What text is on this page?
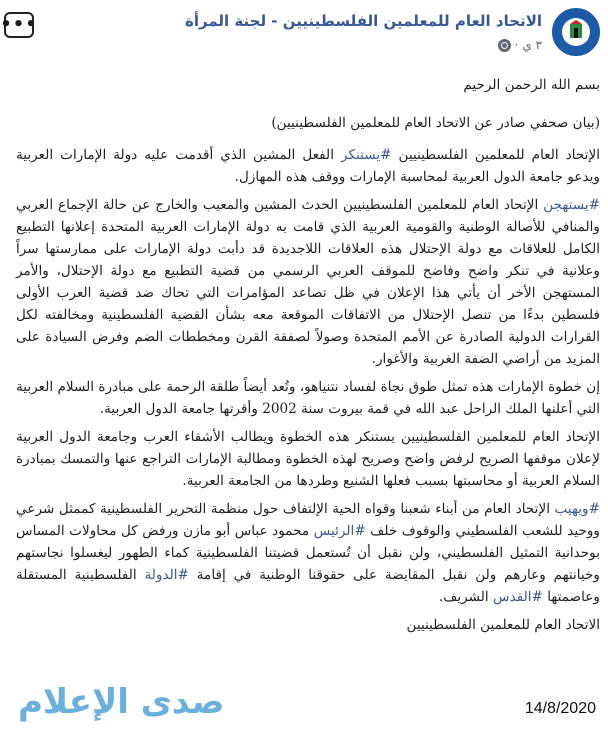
•••	الاتحاد العام للمعلمين الفلسطينيين - لجنة المرأة
٣ ي
·

بسم الله الرحمن الرحيم

(بيان صحفي صادر عن الاتحاد العام للمعلمين الفلسطينيين)

الإتحاد العام للمعلمين الفلسطينيين #يستنكر الفعل المشين الذي أقدمت عليه دولة الإمارات العربية ويدعو جامعة الدول العربية لمحاسبة الإمارات ووقف هذه المهازل.

#يستهجن الإتحاد العام للمعلمين الفلسطينيين الحدث المشين والمعيب والخارج عن حالة الإجماع العربي والمنافي للأصالة الوطنية والقومية العربية الذي قامت به دولة الإمارات العربية المتحدة إعلانها التطبيع الكامل للعلاقات مع دولة الإحتلال هذه العلاقات اللاجديدة قد دأبت دولة الإمارات على ممارستها سراً وعلانية في تنكر واضح وفاضح للموقف العربي الرسمي من قضية التطبيع مع دولة الإحتلال، والأمر المستهجن الأخر أن يأتي هذا الإعلان في ظل تصاعد المؤامرات التي تحاك ضد قضية العرب الأولى فلسطين بدءًا من تنصل الإحتلال من الاتفاقات الموقعة معه بشأن القضية الفلسطينية ومخالفته لكل القرارات الدولية الصادرة عن الأمم المتحدة وصولاً لصفقة القرن ومخططات الضم وفرض السيادة على المزيد من أراضي الضفة الغربية والأغوار.

إن خطوة الإمارات هذه تمثل طوق نجاة لفساد نتنياهو، وتُعد أيضاً طلقة الرحمة على مبادرة السلام العربية التي أعلنها الملك الراحل عبد الله في قمة بيروت سنة 2002 وأقرتها جامعة الدول العربية.

الإتحاد العام للمعلمين الفلسطينيين يستنكر هذه الخطوة ويطالب الأشقاء العرب وجامعة الدول العربية لإعلان موقفها الصريح لرفض واضح وصريح لهذه الخطوة ومطالبة الإمارات التراجع عنها والتمسك بمبادرة السلام العربية أو محاسبتها بسبب فعلها الشنيع وطردها من الجامعة العربية.

#ويهيب الإتحاد العام من أبناء شعبنا وقواه الحية الإلتفاف حول منظمة التحرير الفلسطينية كممثل شرعي ووحيد للشعب الفلسطيني والوقوف خلف #الرئيس محمود عباس أبو مازن ورفض كل محاولات المساس بوحدانية التمثيل الفلسطيني، ولن نقبل أن تُستعمل قضيتنا الفلسطينية كماء الطهور ليغسلوا نجاستهم وخيانتهم وعارهم ولن نقبل المقايضة على حقوقنا الوطنية في إقامة #الدولة الفلسطينية المستقلة وعاصمتها #القدس الشريف.

الاتحاد العام للمعلمين الفلسطينيين

14/8/2020
صدى الإعلام
